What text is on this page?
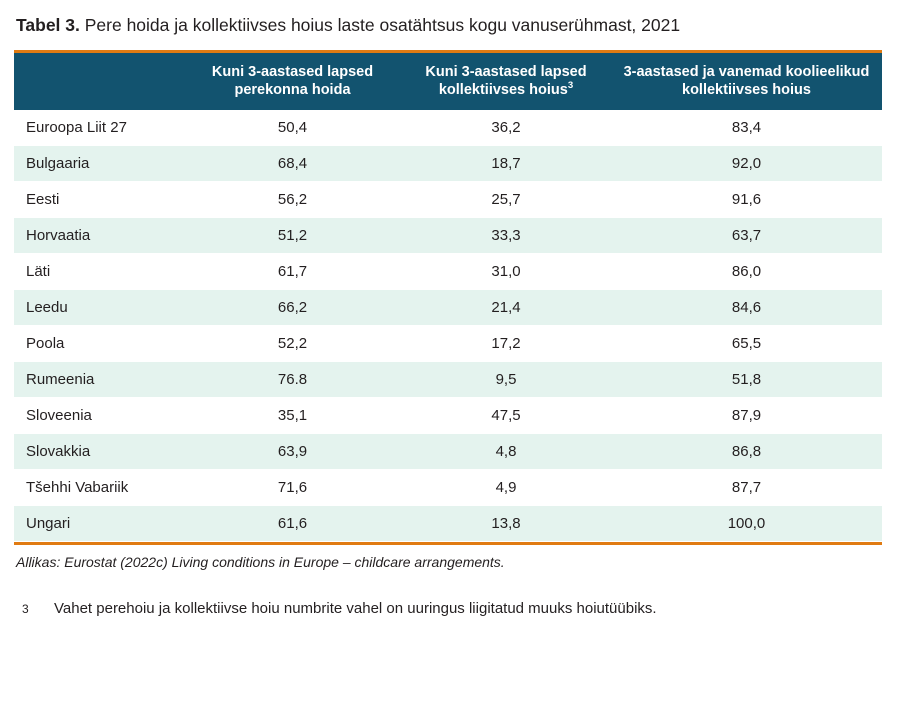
Tabel 3. Pere hoida ja kollektiivses hoius laste osatähtsus kogu vanuserühmast, 2021
	Kuni 3-aastased lapsed perekonna hoida	Kuni 3-aastased lapsed kollektiivses hoius$^3$	3-aastased ja vanemad koolieelikud kollektiivses hoius
Euroopa Liit 27	50,4	36,2	83,4
Bulgaaria	68,4	18,7	92,0
Eesti	56,2	25,7	91,6
Horvaatia	51,2	33,3	63,7
Läti	61,7	31,0	86,0
Leedu	66,2	21,4	84,6
Poola	52,2	17,2	65,5
Rumeenia	76.8	9,5	51,8
Sloveenia	35,1	47,5	87,9
Slovakkia	63,9	4,8	86,8
Tšehhi Vabariik	71,6	4,9	87,7
Ungari	61,6	13,8	100,0
Allikas: Eurostat (2022c) Living conditions in Europe – childcare arrangements.
3	Vahet perehoiu ja kollektiivse hoiu numbrite vahel on uuringus liigitatud muuks hoiutüübiks.
